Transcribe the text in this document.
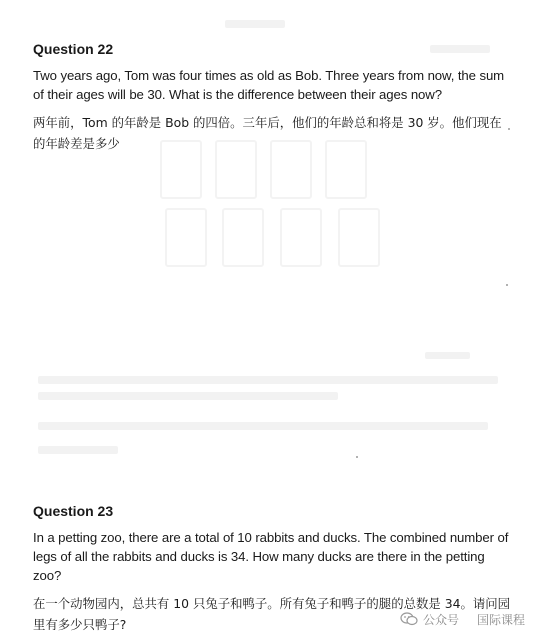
Question 22

Two years ago, Tom was four times as old as Bob. Three years from now, the sum of their ages will be 30. What is the difference between their ages now?

两年前，Tom 的年龄是 Bob 的四倍。三年后，他们的年龄总和将是 30 岁。他们现在的年龄差是多少

Question 23

In a petting zoo, there are a total of 10 rabbits and ducks. The combined number of legs of all the rabbits and ducks is 34. How many ducks are there in the petting zoo?

在一个动物园内，总共有 10 只兔子和鸭子。所有兔子和鸭子的腿的总数是 34。请问园里有多少只鸭子?	公众号 国际课程
